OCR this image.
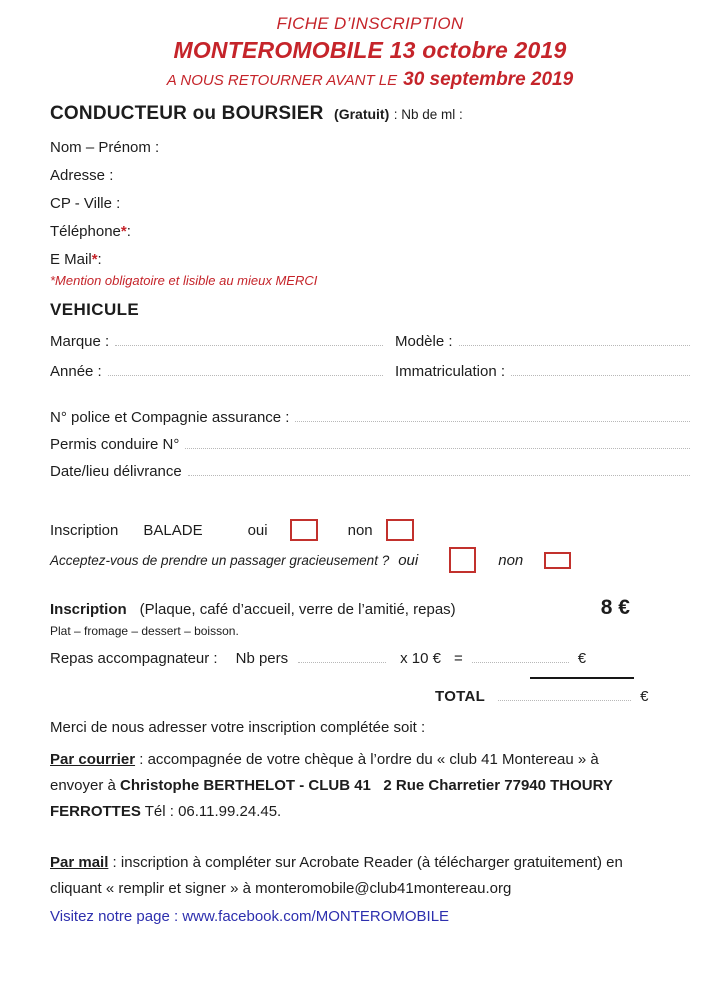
FICHE D’INSCRIPTION
MONTEROMOBILE 13 octobre 2019
A NOUS RETOURNER AVANT LE 30 septembre 2019
CONDUCTEUR ou BOURSIER (Gratuit) : Nb de ml :
Nom – Prénom :
Adresse :
CP - Ville :
Téléphone * :
E Mail * :
*Mention obligatoire et lisible au mieux MERCI
VEHICULE
Marque :	Modèle :
Année :	Immatriculation :
N° police et Compagnie assurance :
Permis conduire N°
Date/lieu délivrance
Inscription BALADE	oui	non
Acceptez-vous de prendre un passager gracieusement ? oui	non
Inscription (Plaque, café d’accueil, verre de l’amitié, repas)	8 €
Plat – fromage – dessert – boisson.
Repas accompagnateur : Nb pers	x 10 € =	€
TOTAL	€
Merci de nous adresser votre inscription complétée soit :

Par courrier : accompagnée de votre chèque à l’ordre du « club 41 Montereau » à envoyer à Christophe BERTHELOT - CLUB 41   2 Rue Charretier 77940 THOURY FERROTTES Tél : 06.11.99.24.45.

Par mail : inscription à compléter sur Acrobate Reader (à télécharger gratuitement) en cliquant « remplir et signer » à monteromobile@club41montereau.org

Visitez notre page : www.facebook.com/MONTEROMOBILE
